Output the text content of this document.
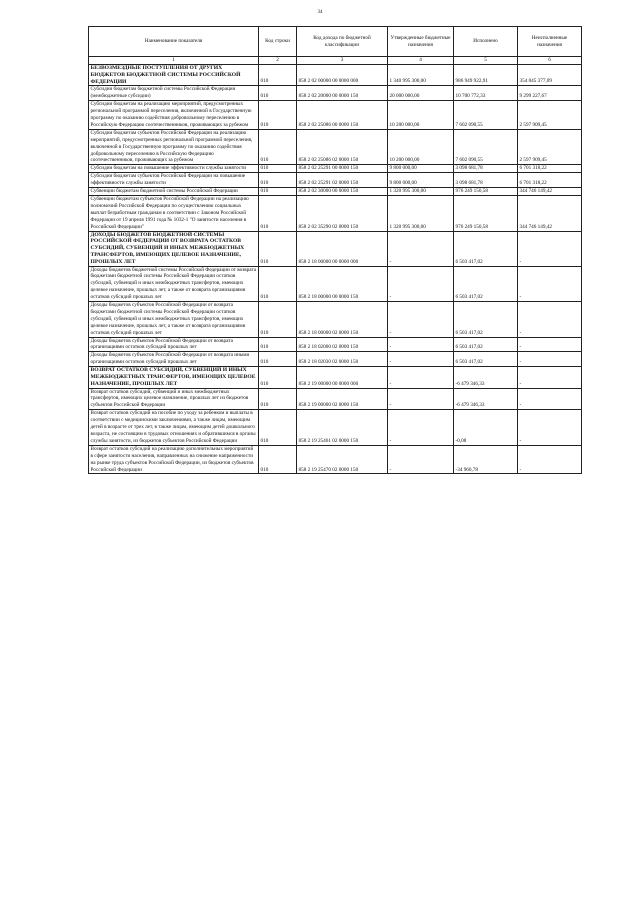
34
Наименование показателя	Код строки	Код дохода по бюджетной классификации	Утвержденные бюджетные назначения	Исполнено	Неисполненные назначения
1	2	3	4	5	6
БЕЗВОЗМЕЗДНЫЕ ПОСТУПЛЕНИЯ ОТ ДРУГИХ БЮДЖЕТОВ БЮДЖЕТНОЙ СИСТЕМЫ РОССИЙСКОЙ ФЕДЕРАЦИИ	010	858 2 02 00000 00 0000 000	1 340 995 300,00	986 949 922,91	354 045 377,09
Субсидии бюджетам бюджетной системы Российской Федерации (межбюджетные субсидии)	010	858 2 02 20000 00 0000 150	20 000 000,00	10 700 772,33	9 299 227,67
Субсидии бюджетам на реализацию мероприятий, предусмотренных региональной программой переселения, включенной в Государственную программу по оказанию содействия добровольному переселению в Российскую Федерацию соотечественников, проживающих за рубежом	010	858 2 02 25086 00 0000 150	10 200 000,00	7 602 090,55	2 597 909,45
Субсидии бюджетам субъектов Российской Федерации на реализацию мероприятий, предусмотренных региональной программой переселения, включенной в Государственную программу по оказанию содействия добровольному переселению в Российскую Федерацию соотечественников, проживающих за рубежом	010	858 2 02 25086 02 0000 150	10 200 000,00	7 602 090,55	2 597 909,45
Субсидии бюджетам на повышение эффективности службы занятости	010	858 2 02 25291 00 0000 150	9 800 000,00	3 098 681,78	6 701 318,22
Субсидии бюджетам субъектов Российской Федерации на повышение эффективности службы занятости	010	858 2 02 25291 02 0000 150	9 800 000,00	3 098 681,78	6 701 318,22
Субвенции бюджетам бюджетной системы Российской Федерации	010	858 2 02 30000 00 0000 150	1 320 995 300,00	976 249 150,58	344 746 149,42
Субвенции бюджетам субъектов Российской Федерации на реализацию полномочий Российской Федерации по осуществлению социальных выплат безработным гражданам в соответствии с Законом Российской Федерации от 19 апреля 1991 года № 1032-1 "О занятости населения в Российской Федерации"	010	858 2 02 35290 02 0000 150	1 320 995 300,00	976 249 150,58	344 746 149,42
ДОХОДЫ БЮДЖЕТОВ БЮДЖЕТНОЙ СИСТЕМЫ РОССИЙСКОЙ ФЕДЕРАЦИИ ОТ ВОЗВРАТА ОСТАТКОВ СУБСИДИЙ, СУБВЕНЦИЙ И ИНЫХ МЕЖБЮДЖЕТНЫХ ТРАНСФЕРТОВ, ИМЕЮЩИХ ЦЕЛЕВОЕ НАЗНАЧЕНИЕ, ПРОШЛЫХ ЛЕТ	010	858 2 18 00000 00 0000 000	-	6 503 417,02	-
Доходы бюджетов бюджетной системы Российской Федерации от возврата бюджетами бюджетной системы Российской Федерации остатков субсидий, субвенций и иных межбюджетных трансфертов, имеющих целевое назначение, прошлых лет, а также от возврата организациями остатков субсидий прошлых лет	010	858 2 18 00000 00 0000 150	-	6 503 417,02	-
Доходы бюджетов субъектов Российской Федерации от возврата бюджетами бюджетной системы Российской Федерации остатков субсидий, субвенций и иных межбюджетных трансфертов, имеющих целевое назначение, прошлых лет, а также от возврата организациями остатков субсидий прошлых лет	010	858 2 18 00000 02 0000 150	-	6 503 417,02	-
Доходы бюджетов субъектов Российской Федерации от возврата организациями остатков субсидий прошлых лет	010	858 2 18 02000 02 0000 150	-	6 503 417,02	-
Доходы бюджетов субъектов Российской Федерации от возврата иными организациями остатков субсидий прошлых лет	010	858 2 18 02030 02 0000 150	-	6 503 417,02	-
ВОЗВРАТ ОСТАТКОВ СУБСИДИЙ, СУБВЕНЦИЙ И ИНЫХ МЕЖБЮДЖЕТНЫХ ТРАНСФЕРТОВ, ИМЕЮЩИХ ЦЕЛЕВОЕ НАЗНАЧЕНИЕ, ПРОШЛЫХ ЛЕТ	010	858 2 19 00000 00 0000 000	-	-6 479 346,33	-
Возврат остатков субсидий, субвенций и иных межбюджетных трансфертов, имеющих целевое назначение, прошлых лет из бюджетов субъектов Российской Федерации	010	858 2 19 00000 02 0000 150	-	-6 479 346,33	-
Возврат остатков субсидий на пособие по уходу за ребенком и выплаты в соответствии с медицинскими заключениями, а также лицам, имеющим детей в возрасте от трех лет, в также лицам, имеющим детей дошкольного возраста, не состоящим в трудовых отношениях и обратившимся в органы службы занятости, из бюджетов субъектов Российской Федерации	010	858 2 19 25461 02 0000 150	-	-0,08	-
Возврат остатков субсидий на реализацию дополнительных мероприятий в сфере занятости населения, направленных на снижение напряженности на рынке труда субъектов Российской Федерации, из бюджетов субъектов Российской Федерации	010	858 2 19 25470 02 0000 150	-	-34 960,78	-
